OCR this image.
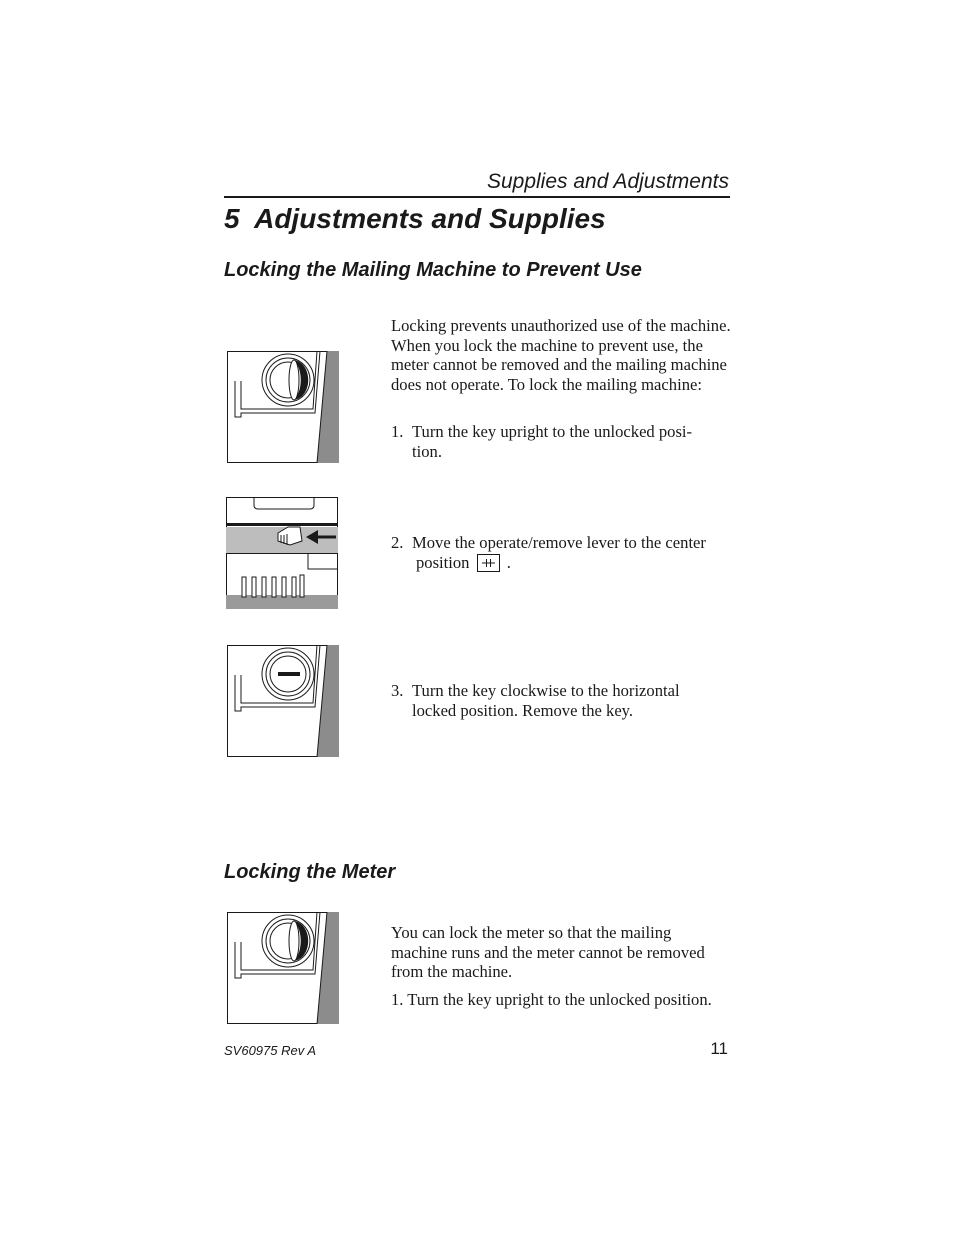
Supplies and Adjustments
5  Adjustments and Supplies
Locking the Mailing Machine to Prevent Use
Locking prevents unauthorized use of the machine. When you lock the machine to prevent use, the meter cannot be removed and the mailing machine does not operate. To lock the mailing machine:
1. Turn the key upright to the unlocked posi-
tion.
2. Move the operate/remove lever to the center
position .
3. Turn the key clockwise to the horizontal
locked position. Remove the key.
Locking the Meter
You can lock the meter so that the mailing machine runs and the meter cannot be removed from the machine.
1. Turn the key upright to the unlocked position.
SV60975 Rev A	11
